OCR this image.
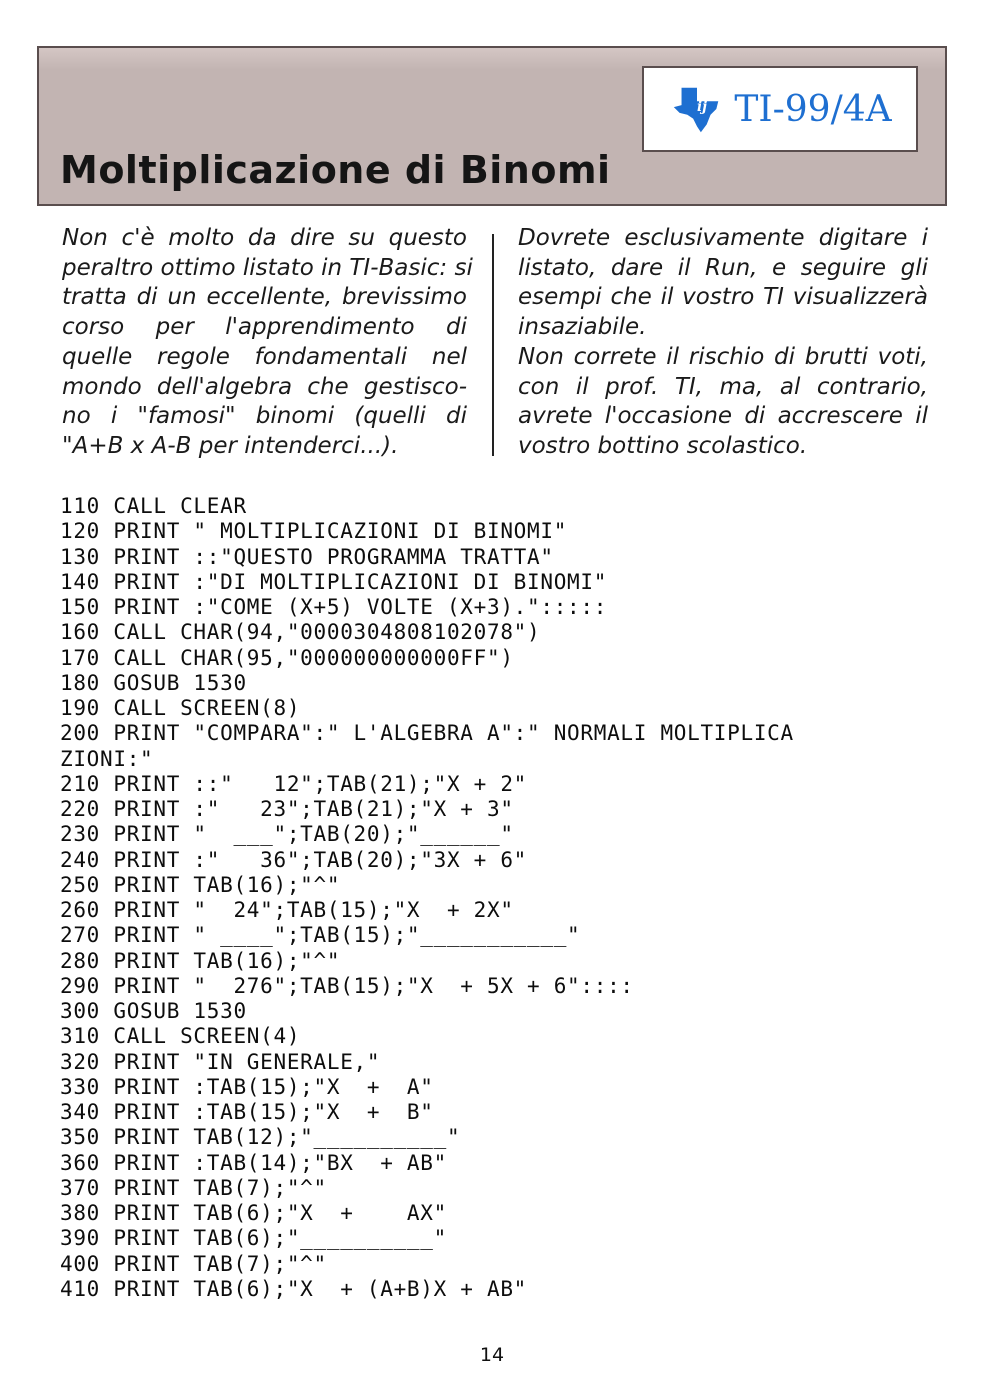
ij TI-99/4A
Moltiplicazione di Binomi
Non c'è molto da dire su questo
peraltro ottimo listato in TI-Basic: si
tratta di un eccellente, brevissimo
corso per l'apprendimento di
quelle regole fondamentali nel
mondo dell'algebra che gestisco-
no i "famosi" binomi (quelli di
"A+B x A-B per intenderci...).
Dovrete esclusivamente digitare i
listato, dare il Run, e seguire gli
esempi che il vostro TI visualizzerà
insaziabile.
Non correte il rischio di brutti voti,
con il prof. TI, ma, al contrario,
avrete l'occasione di accrescere il
vostro bottino scolastico.
110 CALL CLEAR
120 PRINT " MOLTIPLICAZIONI DI BINOMI"
130 PRINT ::"QUESTO PROGRAMMA TRATTA"
140 PRINT :"DI MOLTIPLICAZIONI DI BINOMI"
150 PRINT :"COME (X+5) VOLTE (X+3).":::::
160 CALL CHAR(94,"0000304808102078")
170 CALL CHAR(95,"000000000000FF")
180 GOSUB 1530
190 CALL SCREEN(8)
200 PRINT "COMPARA":" L'ALGEBRA A":" NORMALI MOLTIPLICA
ZIONI:"
210 PRINT ::"   12";TAB(21);"X + 2"
220 PRINT :"   23";TAB(21);"X + 3"
230 PRINT "  ___";TAB(20);"______"
240 PRINT :"   36";TAB(20);"3X + 6"
250 PRINT TAB(16);"^"
260 PRINT "  24";TAB(15);"X  + 2X"
270 PRINT " ____";TAB(15);"___________"
280 PRINT TAB(16);"^"
290 PRINT "  276";TAB(15);"X  + 5X + 6"::::
300 GOSUB 1530
310 CALL SCREEN(4)
320 PRINT "IN GENERALE,"
330 PRINT :TAB(15);"X  +  A"
340 PRINT :TAB(15);"X  +  B"
350 PRINT TAB(12);"__________"
360 PRINT :TAB(14);"BX  + AB"
370 PRINT TAB(7);"^"
380 PRINT TAB(6);"X  +    AX"
390 PRINT TAB(6);"__________"
400 PRINT TAB(7);"^"
410 PRINT TAB(6);"X  + (A+B)X + AB"
14
